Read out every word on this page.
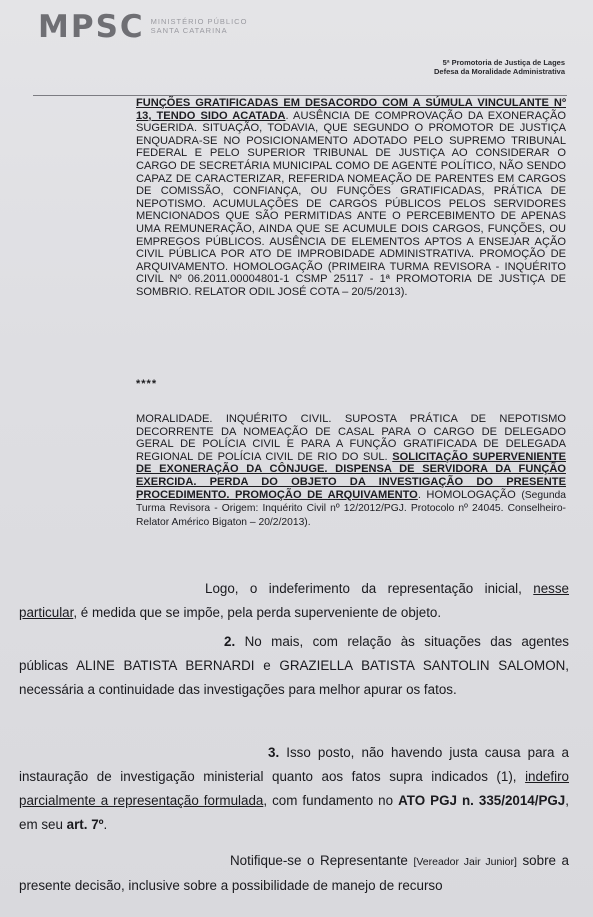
MPSC MINISTÉRIO PÚBLICO
SANTA CATARINA
5ª Promotoria de Justiça de Lages
Defesa da Moralidade Administrativa
FUNÇÕES GRATIFICADAS EM DESACORDO COM A SÚMULA VINCULANTE Nº 13, TENDO SIDO ACATADA. AUSÊNCIA DE COMPROVAÇÃO DA EXONERAÇÃO SUGERIDA. SITUAÇÃO, TODAVIA, QUE SEGUNDO O PROMOTOR DE JUSTIÇA ENQUADRA-SE NO POSICIONAMENTO ADOTADO PELO SUPREMO TRIBUNAL FEDERAL E PELO SUPERIOR TRIBUNAL DE JUSTIÇA AO CONSIDERAR O CARGO DE SECRETÁRIA MUNICIPAL COMO DE AGENTE POLÍTICO, NÃO SENDO CAPAZ DE CARACTERIZAR, REFERIDA NOMEAÇÃO DE PARENTES EM CARGOS DE COMISSÃO, CONFIANÇA, OU FUNÇÕES GRATIFICADAS, PRÁTICA DE NEPOTISMO. ACUMULAÇÕES DE CARGOS PÚBLICOS PELOS SERVIDORES MENCIONADOS QUE SÃO PERMITIDAS ANTE O PERCEBIMENTO DE APENAS UMA REMUNERAÇÃO, AINDA QUE SE ACUMULE DOIS CARGOS, FUNÇÕES, OU EMPREGOS PÚBLICOS. AUSÊNCIA DE ELEMENTOS APTOS A ENSEJAR AÇÃO CIVIL PÚBLICA POR ATO DE IMPROBIDADE ADMINISTRATIVA. PROMOÇÃO DE ARQUIVAMENTO. HOMOLOGAÇÃO (PRIMEIRA TURMA REVISORA - INQUÉRITO CIVIL Nº 06.2011.00004801-1 CSMP 25117 - 1ª PROMOTORIA DE JUSTIÇA DE SOMBRIO. RELATOR ODIL JOSÉ COTA – 20/5/2013).
****
MORALIDADE. INQUÉRITO CIVIL. SUPOSTA PRÁTICA DE NEPOTISMO DECORRENTE DA NOMEAÇÃO DE CASAL PARA O CARGO DE DELEGADO GERAL DE POLÍCIA CIVIL E PARA A FUNÇÃO GRATIFICADA DE DELEGADA REGIONAL DE POLÍCIA CIVIL DE RIO DO SUL. SOLICITAÇÃO SUPERVENIENTE DE EXONERAÇÃO DA CÔNJUGE. DISPENSA DE SERVIDORA DA FUNÇÃO EXERCIDA. PERDA DO OBJETO DA INVESTIGAÇÃO DO PRESENTE PROCEDIMENTO. PROMOÇÃO DE ARQUIVAMENTO. HOMOLOGAÇÃO (Segunda Turma Revisora - Origem: Inquérito Civil nº 12/2012/PGJ. Protocolo nº 24045. Conselheiro-Relator Américo Bigaton – 20/2/2013).
Logo, o indeferimento da representação inicial, nesse particular, é medida que se impõe, pela perda superveniente de objeto.
2. No mais, com relação às situações das agentes públicas ALINE BATISTA BERNARDI e GRAZIELLA BATISTA SANTOLIN SALOMON, necessária a continuidade das investigações para melhor apurar os fatos.
3. Isso posto, não havendo justa causa para a instauração de investigação ministerial quanto aos fatos supra indicados (1), indefiro parcialmente a representação formulada, com fundamento no ATO PGJ n. 335/2014/PGJ, em seu art. 7º.
Notifique-se o Representante [Vereador Jair Junior] sobre a presente decisão, inclusive sobre a possibilidade de manejo de recurso
